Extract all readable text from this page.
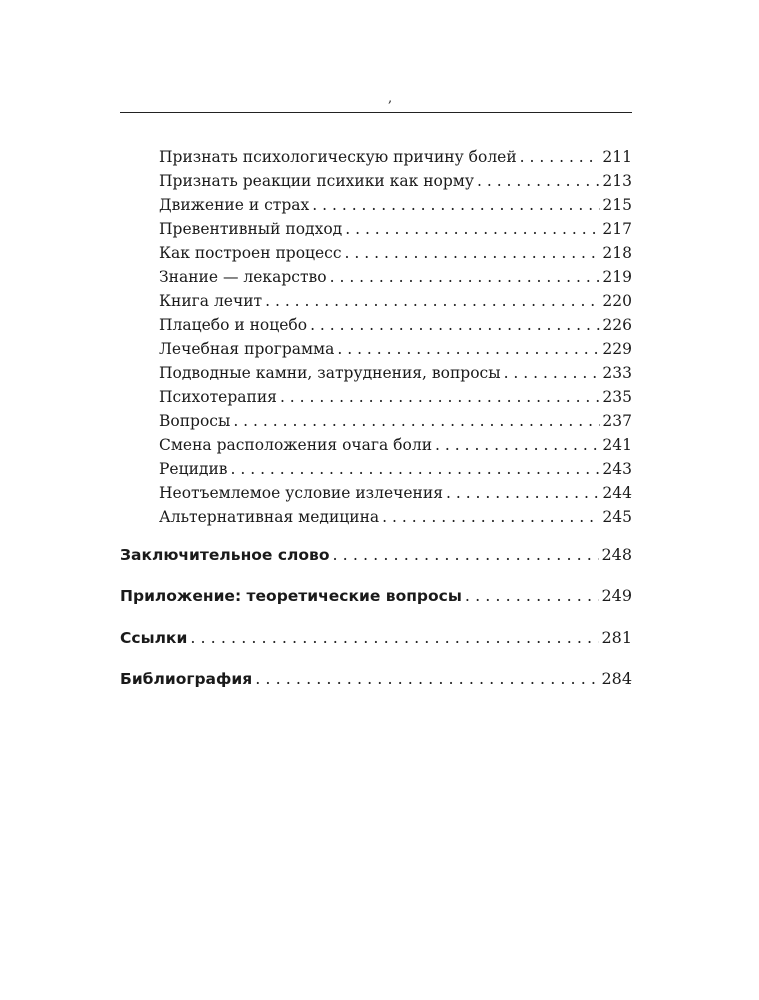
,
Признать психологическую причину болей . . .	211
Признать реакции психики как норму . . .	213
Движение и страх . . .	215
Превентивный подход . . .	217
Как построен процесс . . .	218
Знание — лекарство . . .	219
Книга лечит . . .	220
Плацебо и ноцебо . . .	226
Лечебная программа . . .	229
Подводные камни, затруднения, вопросы . . .	233
Психотерапия . . .	235
Вопросы . . .	237
Смена расположения очага боли . . .	241
Рецидив . . .	243
Неотъемлемое условие излечения . . .	244
Альтернативная медицина . . .	245
Заключительное слово . . .	248
Приложение: теоретические вопросы . . .	249
Ссылки . . .	281
Библиография . . .	284
